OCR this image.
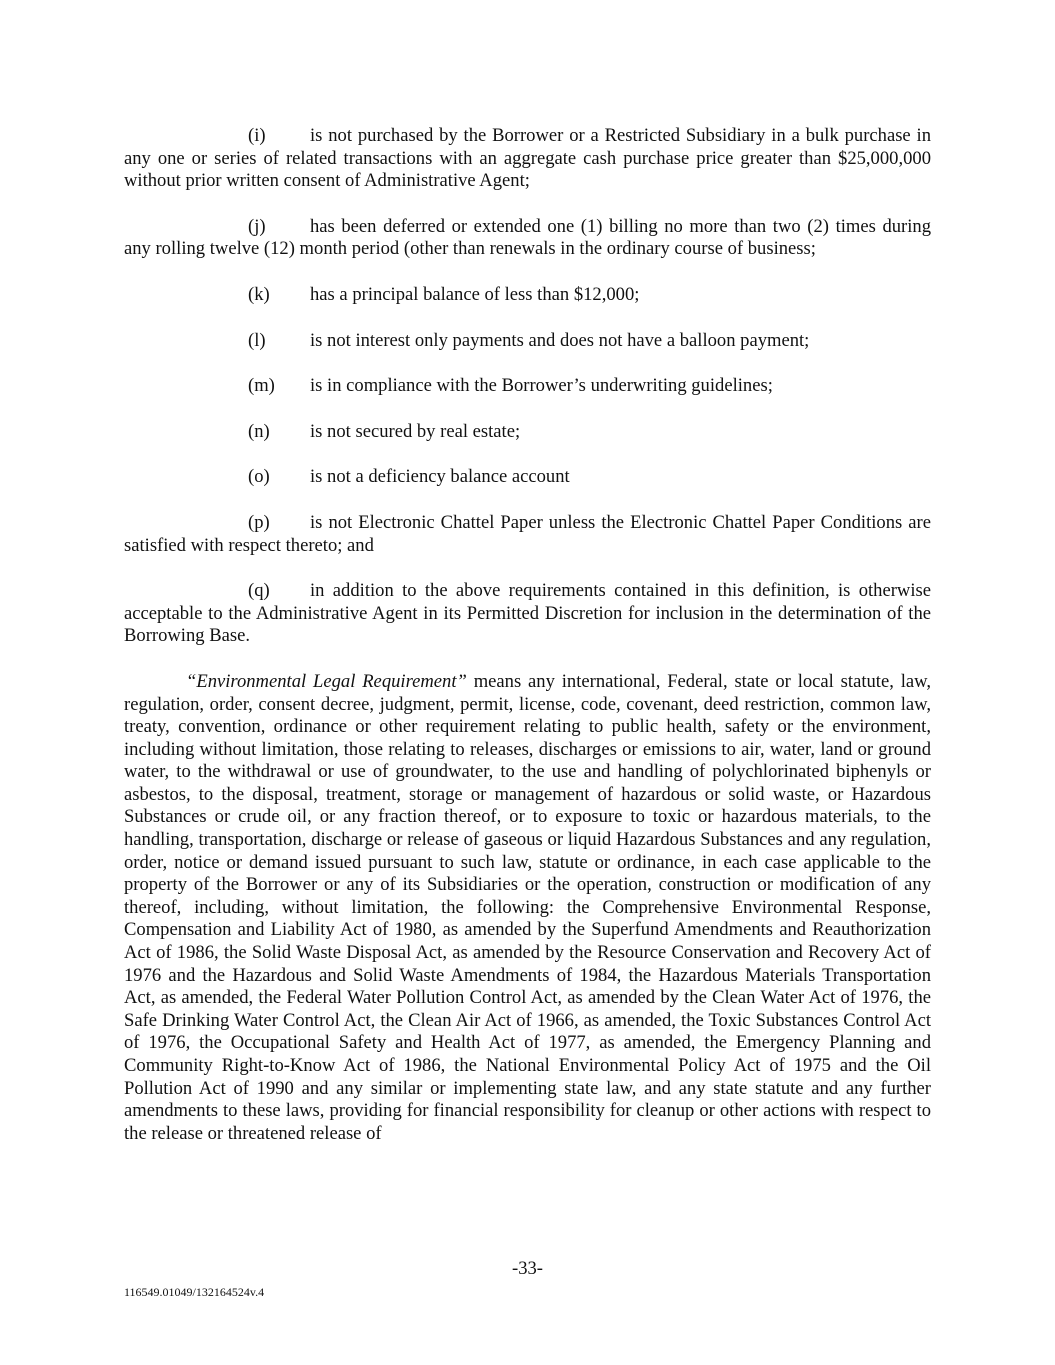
(i) is not purchased by the Borrower or a Restricted Subsidiary in a bulk purchase in any one or series of related transactions with an aggregate cash purchase price greater than $25,000,000 without prior written consent of Administrative Agent;

(j) has been deferred or extended one (1) billing no more than two (2) times during any rolling twelve (12) month period (other than renewals in the ordinary course of business;

(k) has a principal balance of less than $12,000;

(l) is not interest only payments and does not have a balloon payment;

(m) is in compliance with the Borrower’s underwriting guidelines;

(n) is not secured by real estate;

(o) is not a deficiency balance account

(p) is not Electronic Chattel Paper unless the Electronic Chattel Paper Conditions are satisfied with respect thereto; and

(q) in addition to the above requirements contained in this definition, is otherwise acceptable to the Administrative Agent in its Permitted Discretion for inclusion in the determination of the Borrowing Base.

“Environmental Legal Requirement” means any international, Federal, state or local statute, law, regulation, order, consent decree, judgment, permit, license, code, covenant, deed restriction, common law, treaty, convention, ordinance or other requirement relating to public health, safety or the environment, including without limitation, those relating to releases, discharges or emissions to air, water, land or ground water, to the withdrawal or use of groundwater, to the use and handling of polychlorinated biphenyls or asbestos, to the disposal, treatment, storage or management of hazardous or solid waste, or Hazardous Substances or crude oil, or any fraction thereof, or to exposure to toxic or hazardous materials, to the handling, transportation, discharge or release of gaseous or liquid Hazardous Substances and any regulation, order, notice or demand issued pursuant to such law, statute or ordinance, in each case applicable to the property of the Borrower or any of its Subsidiaries or the operation, construction or modification of any thereof, including, without limitation, the following: the Comprehensive Environmental Response, Compensation and Liability Act of 1980, as amended by the Superfund Amendments and Reauthorization Act of 1986, the Solid Waste Disposal Act, as amended by the Resource Conservation and Recovery Act of 1976 and the Hazardous and Solid Waste Amendments of 1984, the Hazardous Materials Transportation Act, as amended, the Federal Water Pollution Control Act, as amended by the Clean Water Act of 1976, the Safe Drinking Water Control Act, the Clean Air Act of 1966, as amended, the Toxic Substances Control Act of 1976, the Occupational Safety and Health Act of 1977, as amended, the Emergency Planning and Community Right-to-Know Act of 1986, the National Environmental Policy Act of 1975 and the Oil Pollution Act of 1990 and any similar or implementing state law, and any state statute and any further amendments to these laws, providing for financial responsibility for cleanup or other actions with respect to the release or threatened release of

-33-
116549.01049/132164524v.4
